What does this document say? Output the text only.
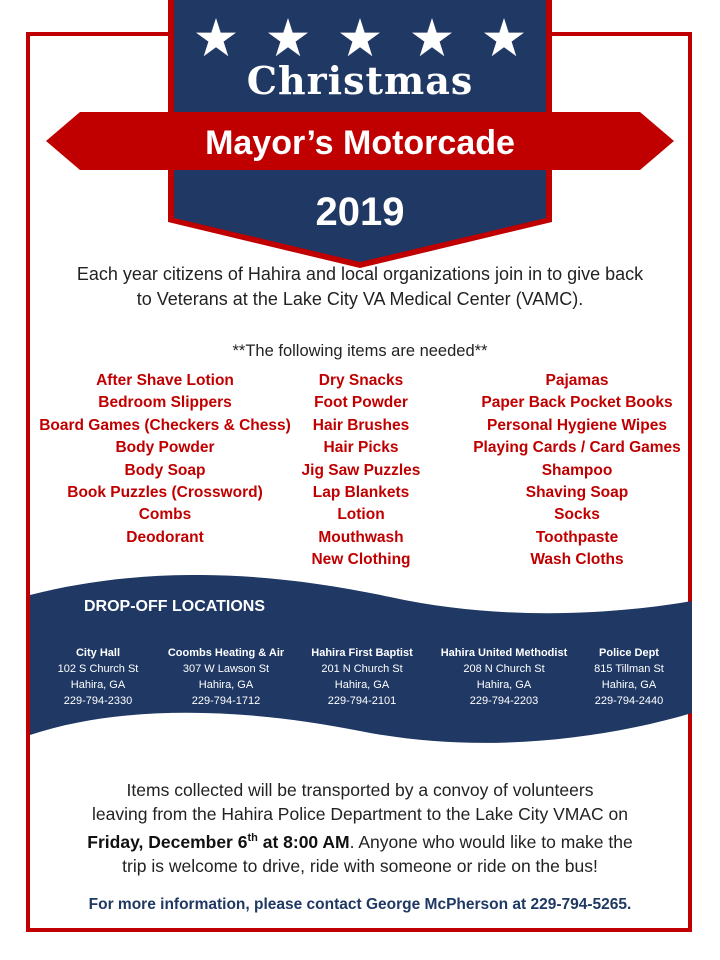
Christmas
Mayor’s Motorcade
2019
Each year citizens of Hahira and local organizations join in to give back
to Veterans at the Lake City VA Medical Center (VAMC).
**The following items are needed**
After Shave Lotion
Bedroom Slippers
Board Games (Checkers & Chess)
Body Powder
Body Soap
Book Puzzles (Crossword)
Combs
Deodorant
Dry Snacks
Foot Powder
Hair Brushes
Hair Picks
Jig Saw Puzzles
Lap Blankets
Lotion
Mouthwash
New Clothing
Pajamas
Paper Back Pocket Books
Personal Hygiene Wipes
Playing Cards / Card Games
Shampoo
Shaving Soap
Socks
Toothpaste
Wash Cloths
DROP-OFF LOCATIONS
City Hall
102 S Church St
Hahira, GA
229-794-2330
Coombs Heating & Air
307 W Lawson St
Hahira, GA
229-794-1712
Hahira First Baptist
201 N Church St
Hahira, GA
229-794-2101
Hahira United Methodist
208 N Church St
Hahira, GA
229-794-2203
Police Dept
815 Tillman St
Hahira, GA
229-794-2440
Items collected will be transported by a convoy of volunteers
leaving from the Hahira Police Department to the Lake City VMAC on
Friday, December 6th at 8:00 AM. Anyone who would like to make the
trip is welcome to drive, ride with someone or ride on the bus!
For more information, please contact George McPherson at 229-794-5265.
